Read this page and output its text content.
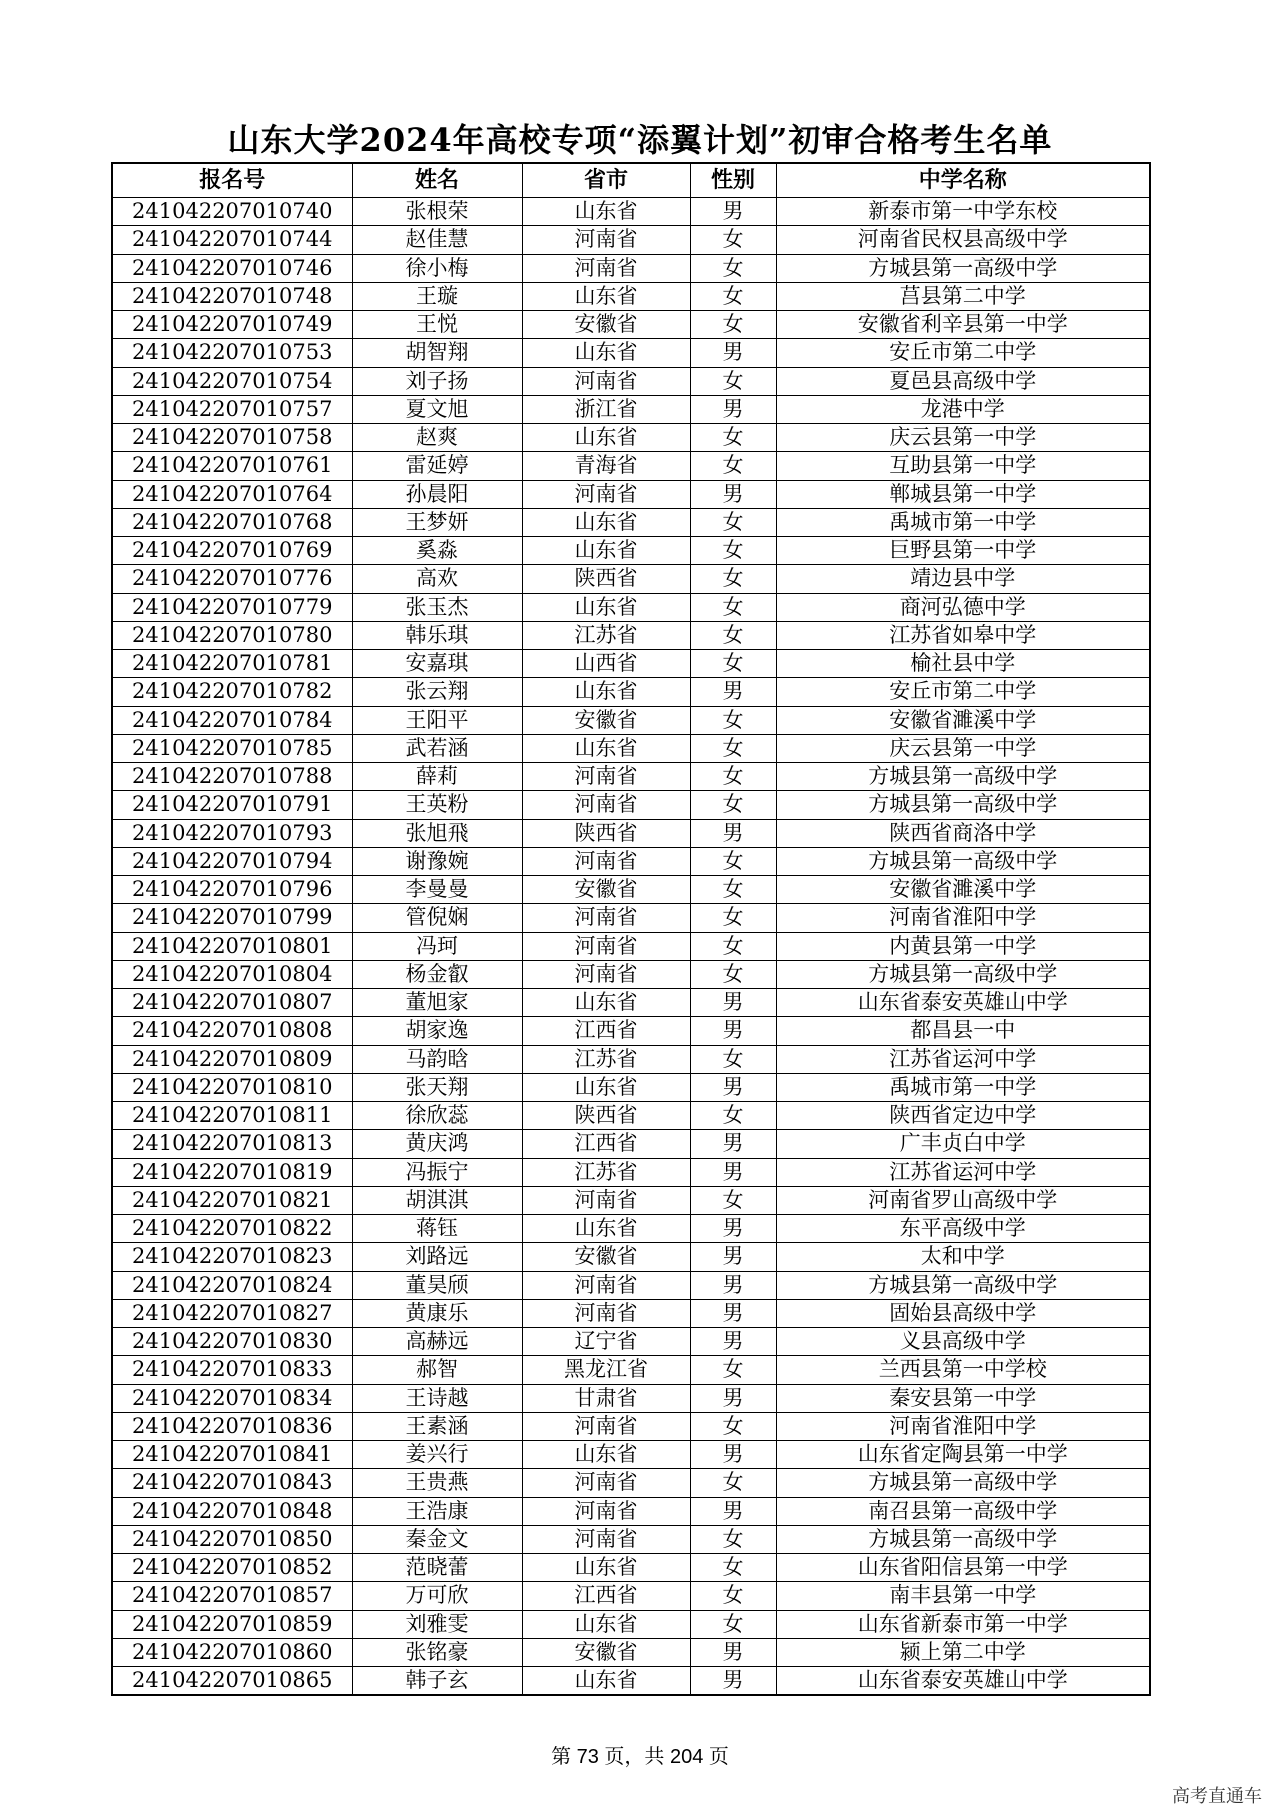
山东大学2024年高校专项“添翼计划”初审合格考生名单
报名号	姓名	省市	性别	中学名称
241042207010740	张根荣	山东省	男	新泰市第一中学东校
241042207010744	赵佳慧	河南省	女	河南省民权县高级中学
241042207010746	徐小梅	河南省	女	方城县第一高级中学
241042207010748	王璇	山东省	女	莒县第二中学
241042207010749	王悦	安徽省	女	安徽省利辛县第一中学
241042207010753	胡智翔	山东省	男	安丘市第二中学
241042207010754	刘子扬	河南省	女	夏邑县高级中学
241042207010757	夏文旭	浙江省	男	龙港中学
241042207010758	赵爽	山东省	女	庆云县第一中学
241042207010761	雷延婷	青海省	女	互助县第一中学
241042207010764	孙晨阳	河南省	男	郸城县第一中学
241042207010768	王梦妍	山东省	女	禹城市第一中学
241042207010769	奚淼	山东省	女	巨野县第一中学
241042207010776	高欢	陕西省	女	靖边县中学
241042207010779	张玉杰	山东省	女	商河弘德中学
241042207010780	韩乐琪	江苏省	女	江苏省如皋中学
241042207010781	安嘉琪	山西省	女	榆社县中学
241042207010782	张云翔	山东省	男	安丘市第二中学
241042207010784	王阳平	安徽省	女	安徽省濉溪中学
241042207010785	武若涵	山东省	女	庆云县第一中学
241042207010788	薛莉	河南省	女	方城县第一高级中学
241042207010791	王英粉	河南省	女	方城县第一高级中学
241042207010793	张旭飛	陕西省	男	陕西省商洛中学
241042207010794	谢豫婉	河南省	女	方城县第一高级中学
241042207010796	李曼曼	安徽省	女	安徽省濉溪中学
241042207010799	管倪娴	河南省	女	河南省淮阳中学
241042207010801	冯珂	河南省	女	内黄县第一中学
241042207010804	杨金叡	河南省	女	方城县第一高级中学
241042207010807	董旭家	山东省	男	山东省泰安英雄山中学
241042207010808	胡家逸	江西省	男	都昌县一中
241042207010809	马韵晗	江苏省	女	江苏省运河中学
241042207010810	张天翔	山东省	男	禹城市第一中学
241042207010811	徐欣蕊	陕西省	女	陕西省定边中学
241042207010813	黄庆鸿	江西省	男	广丰贞白中学
241042207010819	冯振宁	江苏省	男	江苏省运河中学
241042207010821	胡淇淇	河南省	女	河南省罗山高级中学
241042207010822	蒋钰	山东省	男	东平高级中学
241042207010823	刘路远	安徽省	男	太和中学
241042207010824	董昊颀	河南省	男	方城县第一高级中学
241042207010827	黄康乐	河南省	男	固始县高级中学
241042207010830	高赫远	辽宁省	男	义县高级中学
241042207010833	郝智	黑龙江省	女	兰西县第一中学校
241042207010834	王诗越	甘肃省	男	秦安县第一中学
241042207010836	王素涵	河南省	女	河南省淮阳中学
241042207010841	姜兴行	山东省	男	山东省定陶县第一中学
241042207010843	王贵燕	河南省	女	方城县第一高级中学
241042207010848	王浩康	河南省	男	南召县第一高级中学
241042207010850	秦金文	河南省	女	方城县第一高级中学
241042207010852	范晓蕾	山东省	女	山东省阳信县第一中学
241042207010857	万可欣	江西省	女	南丰县第一中学
241042207010859	刘雅雯	山东省	女	山东省新泰市第一中学
241042207010860	张铭豪	安徽省	男	颍上第二中学
241042207010865	韩子玄	山东省	男	山东省泰安英雄山中学
第 73 页，共 204 页
高考直通车
